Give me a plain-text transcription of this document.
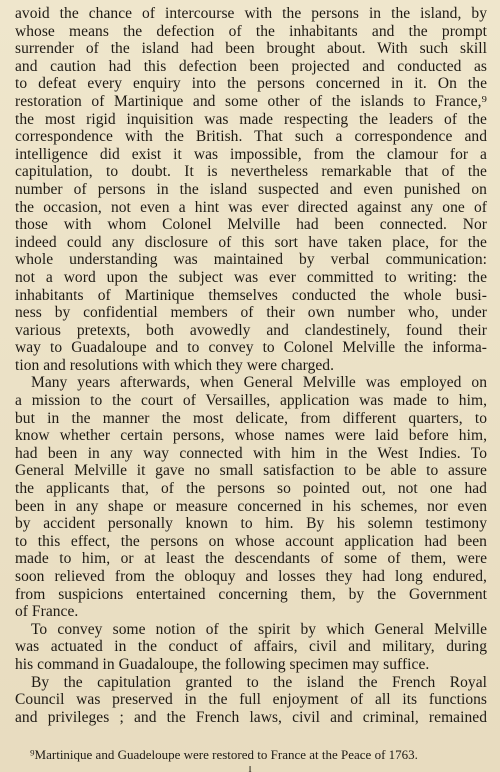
avoid the chance of intercourse with the persons in the island, by
whose means the defection of the inhabitants and the prompt
surrender of the island had been brought about. With such skill
and caution had this defection been projected and conducted as
to defeat every enquiry into the persons concerned in it. On the
restoration of Martinique and some other of the islands to France,⁹
the most rigid inquisition was made respecting the leaders of the
correspondence with the British. That such a correspondence and
intelligence did exist it was impossible, from the clamour for a
capitulation, to doubt. It is nevertheless remarkable that of the
number of persons in the island suspected and even punished on
the occasion, not even a hint was ever directed against any one of
those with whom Colonel Melville had been connected. Nor
indeed could any disclosure of this sort have taken place, for the
whole understanding was maintained by verbal communication:
not a word upon the subject was ever committed to writing: the
inhabitants of Martinique themselves conducted the whole busi-
ness by confidential members of their own number who, under
various pretexts, both avowedly and clandestinely, found their
way to Guadaloupe and to convey to Colonel Melville the informa-
tion and resolutions with which they were charged.
Many years afterwards, when General Melville was employed on
a mission to the court of Versailles, application was made to him,
but in the manner the most delicate, from different quarters, to
know whether certain persons, whose names were laid before him,
had been in any way connected with him in the West Indies. To
General Melville it gave no small satisfaction to be able to assure
the applicants that, of the persons so pointed out, not one had
been in any shape or measure concerned in his schemes, nor even
by accident personally known to him. By his solemn testimony
to this effect, the persons on whose account application had been
made to him, or at least the descendants of some of them, were
soon relieved from the obloquy and losses they had long endured,
from suspicions entertained concerning them, by the Government
of France.
To convey some notion of the spirit by which General Melville
was actuated in the conduct of affairs, civil and military, during
his command in Guadaloupe, the following specimen may suffice.
By the capitulation granted to the island the French Royal
Council was preserved in the full enjoyment of all its functions
and privileges ; and the French laws, civil and criminal, remained
⁹Martinique and Guadeloupe were restored to France at the Peace of 1763.
I
